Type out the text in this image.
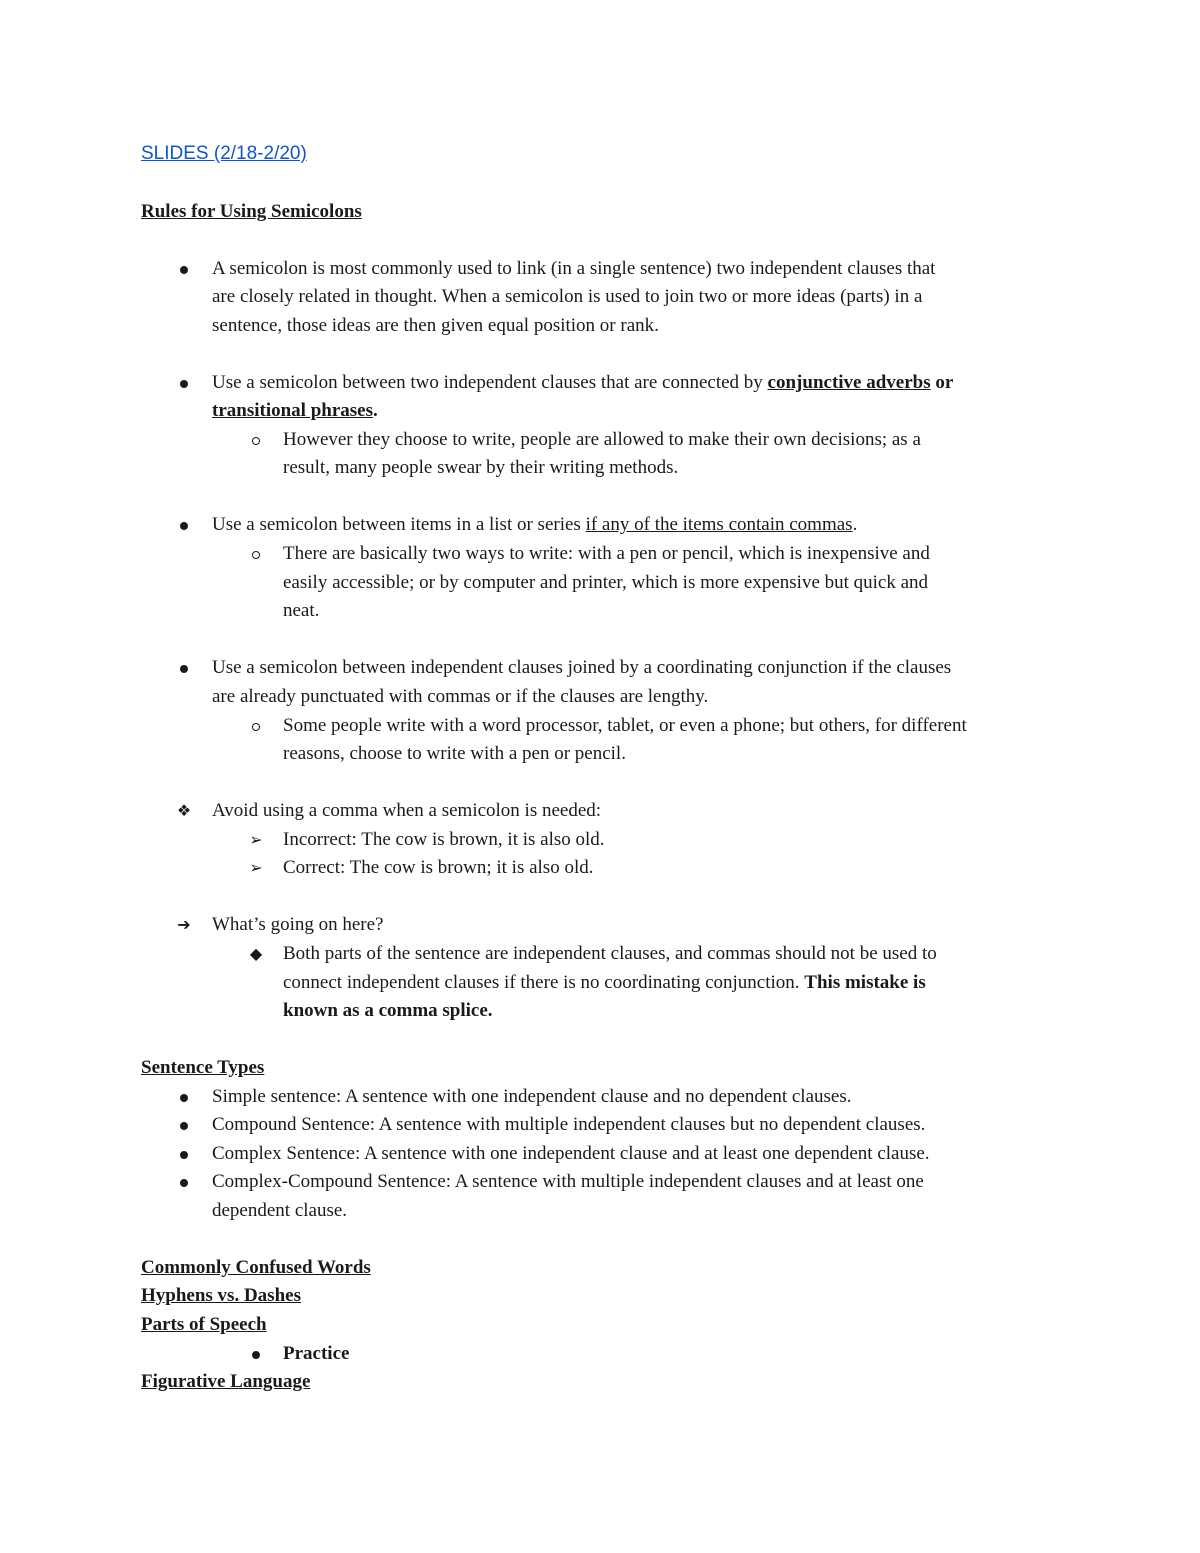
SLIDES (2/18-2/20)
Rules for Using Semicolons
A semicolon is most commonly used to link (in a single sentence) two independent clauses that
are closely related in thought. When a semicolon is used to join two or more ideas (parts) in a
sentence, those ideas are then given equal position or rank.
Use a semicolon between two independent clauses that are connected by conjunctive adverbs or
transitional phrases.
However they choose to write, people are allowed to make their own decisions; as a
result, many people swear by their writing methods.
Use a semicolon between items in a list or series if any of the items contain commas.
There are basically two ways to write: with a pen or pencil, which is inexpensive and
easily accessible; or by computer and printer, which is more expensive but quick and
neat.
Use a semicolon between independent clauses joined by a coordinating conjunction if the clauses
are already punctuated with commas or if the clauses are lengthy.
Some people write with a word processor, tablet, or even a phone; but others, for different
reasons, choose to write with a pen or pencil.
❖ Avoid using a comma when a semicolon is needed:
➢ Incorrect: The cow is brown, it is also old.
➢ Correct: The cow is brown; it is also old.
➔ What’s going on here?
◆ Both parts of the sentence are independent clauses, and commas should not be used to
connect independent clauses if there is no coordinating conjunction. This mistake is
known as a comma splice.
Sentence Types
Simple sentence: A sentence with one independent clause and no dependent clauses.
Compound Sentence: A sentence with multiple independent clauses but no dependent clauses.
Complex Sentence: A sentence with one independent clause and at least one dependent clause.
Complex-Compound Sentence: A sentence with multiple independent clauses and at least one
dependent clause.
Commonly Confused Words
Hyphens vs. Dashes
Parts of Speech
Practice
Figurative Language
